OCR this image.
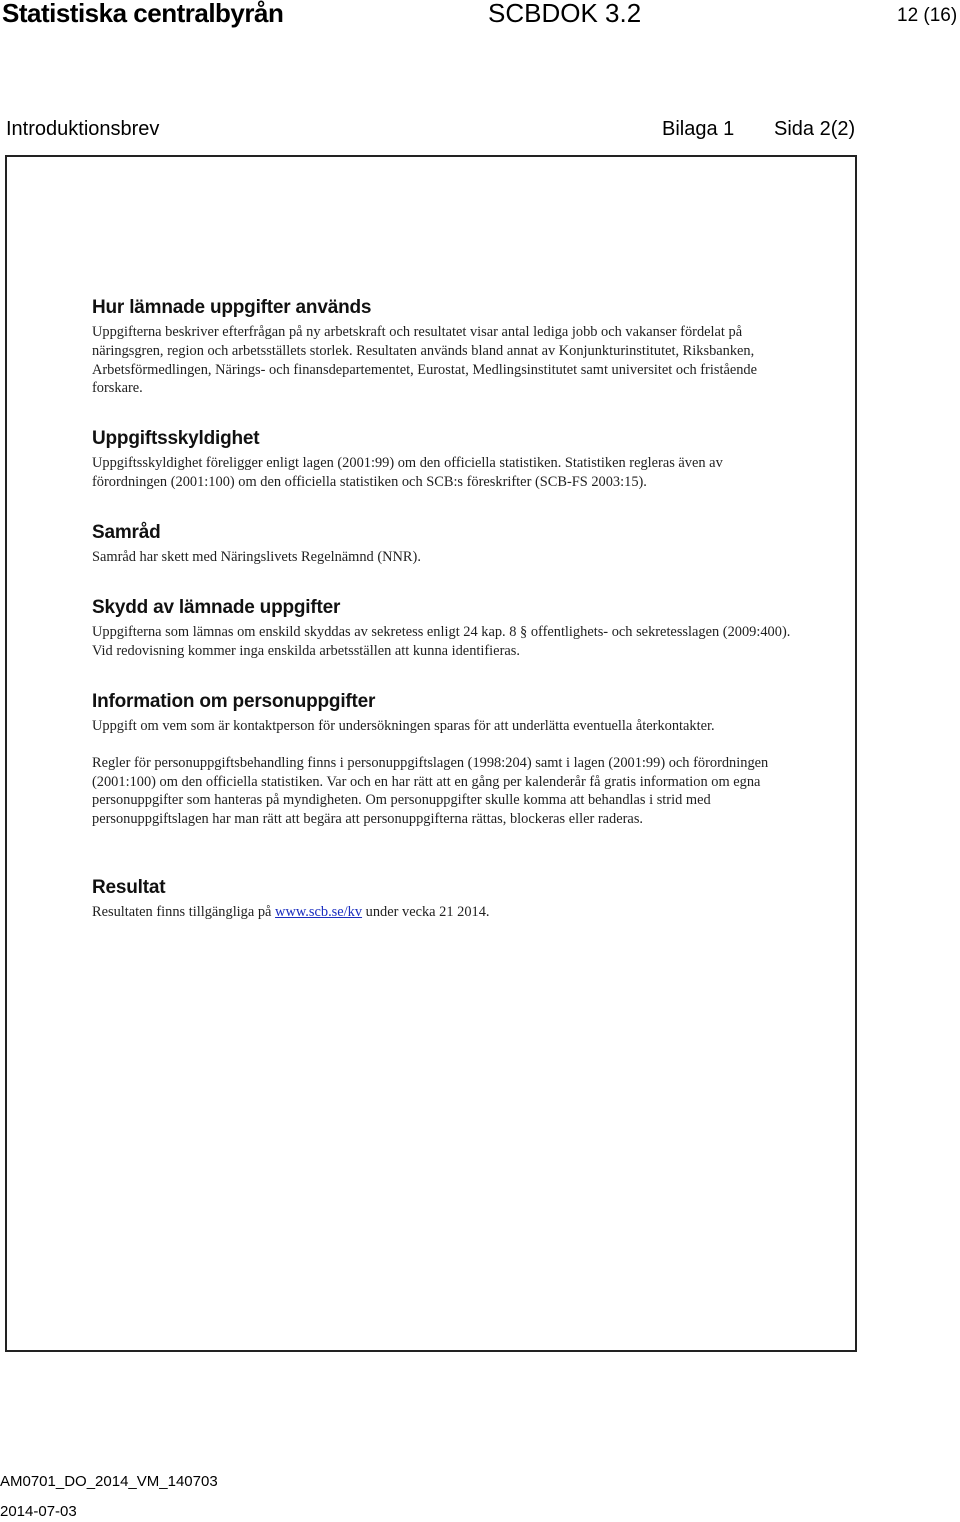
Statistiska centralbyrån	SCBDOK 3.2	12 (16)
Introduktionsbrev	Bilaga 1 Sida 2(2)
Hur lämnade uppgifter används

Uppgifterna beskriver efterfrågan på ny arbetskraft och resultatet visar antal lediga jobb och vakanser fördelat på näringsgren, region och arbetsställets storlek. Resultaten används bland annat av Konjunkturinstitutet, Riksbanken, Arbetsförmedlingen, Närings- och finansdepartementet, Eurostat, Medlingsinstitutet samt universitet och fristående forskare.

Uppgiftsskyldighet

Uppgiftsskyldighet föreligger enligt lagen (2001:99) om den officiella statistiken. Statistiken regleras även av förordningen (2001:100) om den officiella statistiken och SCB:s föreskrifter (SCB-FS 2003:15).

Samråd

Samråd har skett med Näringslivets Regelnämnd (NNR).

Skydd av lämnade uppgifter

Uppgifterna som lämnas om enskild skyddas av sekretess enligt 24 kap. 8 § offentlighets- och sekretesslagen (2009:400). Vid redovisning kommer inga enskilda arbetsställen att kunna identifieras.

Information om personuppgifter

Uppgift om vem som är kontaktperson för undersökningen sparas för att underlätta eventuella återkontakter.

Regler för personuppgiftsbehandling finns i personuppgiftslagen (1998:204) samt i lagen (2001:99) och förordningen (2001:100) om den officiella statistiken. Var och en har rätt att en gång per kalenderår få gratis information om egna personuppgifter som hanteras på myndigheten. Om personuppgifter skulle komma att behandlas i strid med personuppgiftslagen har man rätt att begära att personuppgifterna rättas, blockeras eller raderas.

Resultat

Resultaten finns tillgängliga på www.scb.se/kv under vecka 21 2014.

AM0701_DO_2014_VM_140703
2014-07-03
